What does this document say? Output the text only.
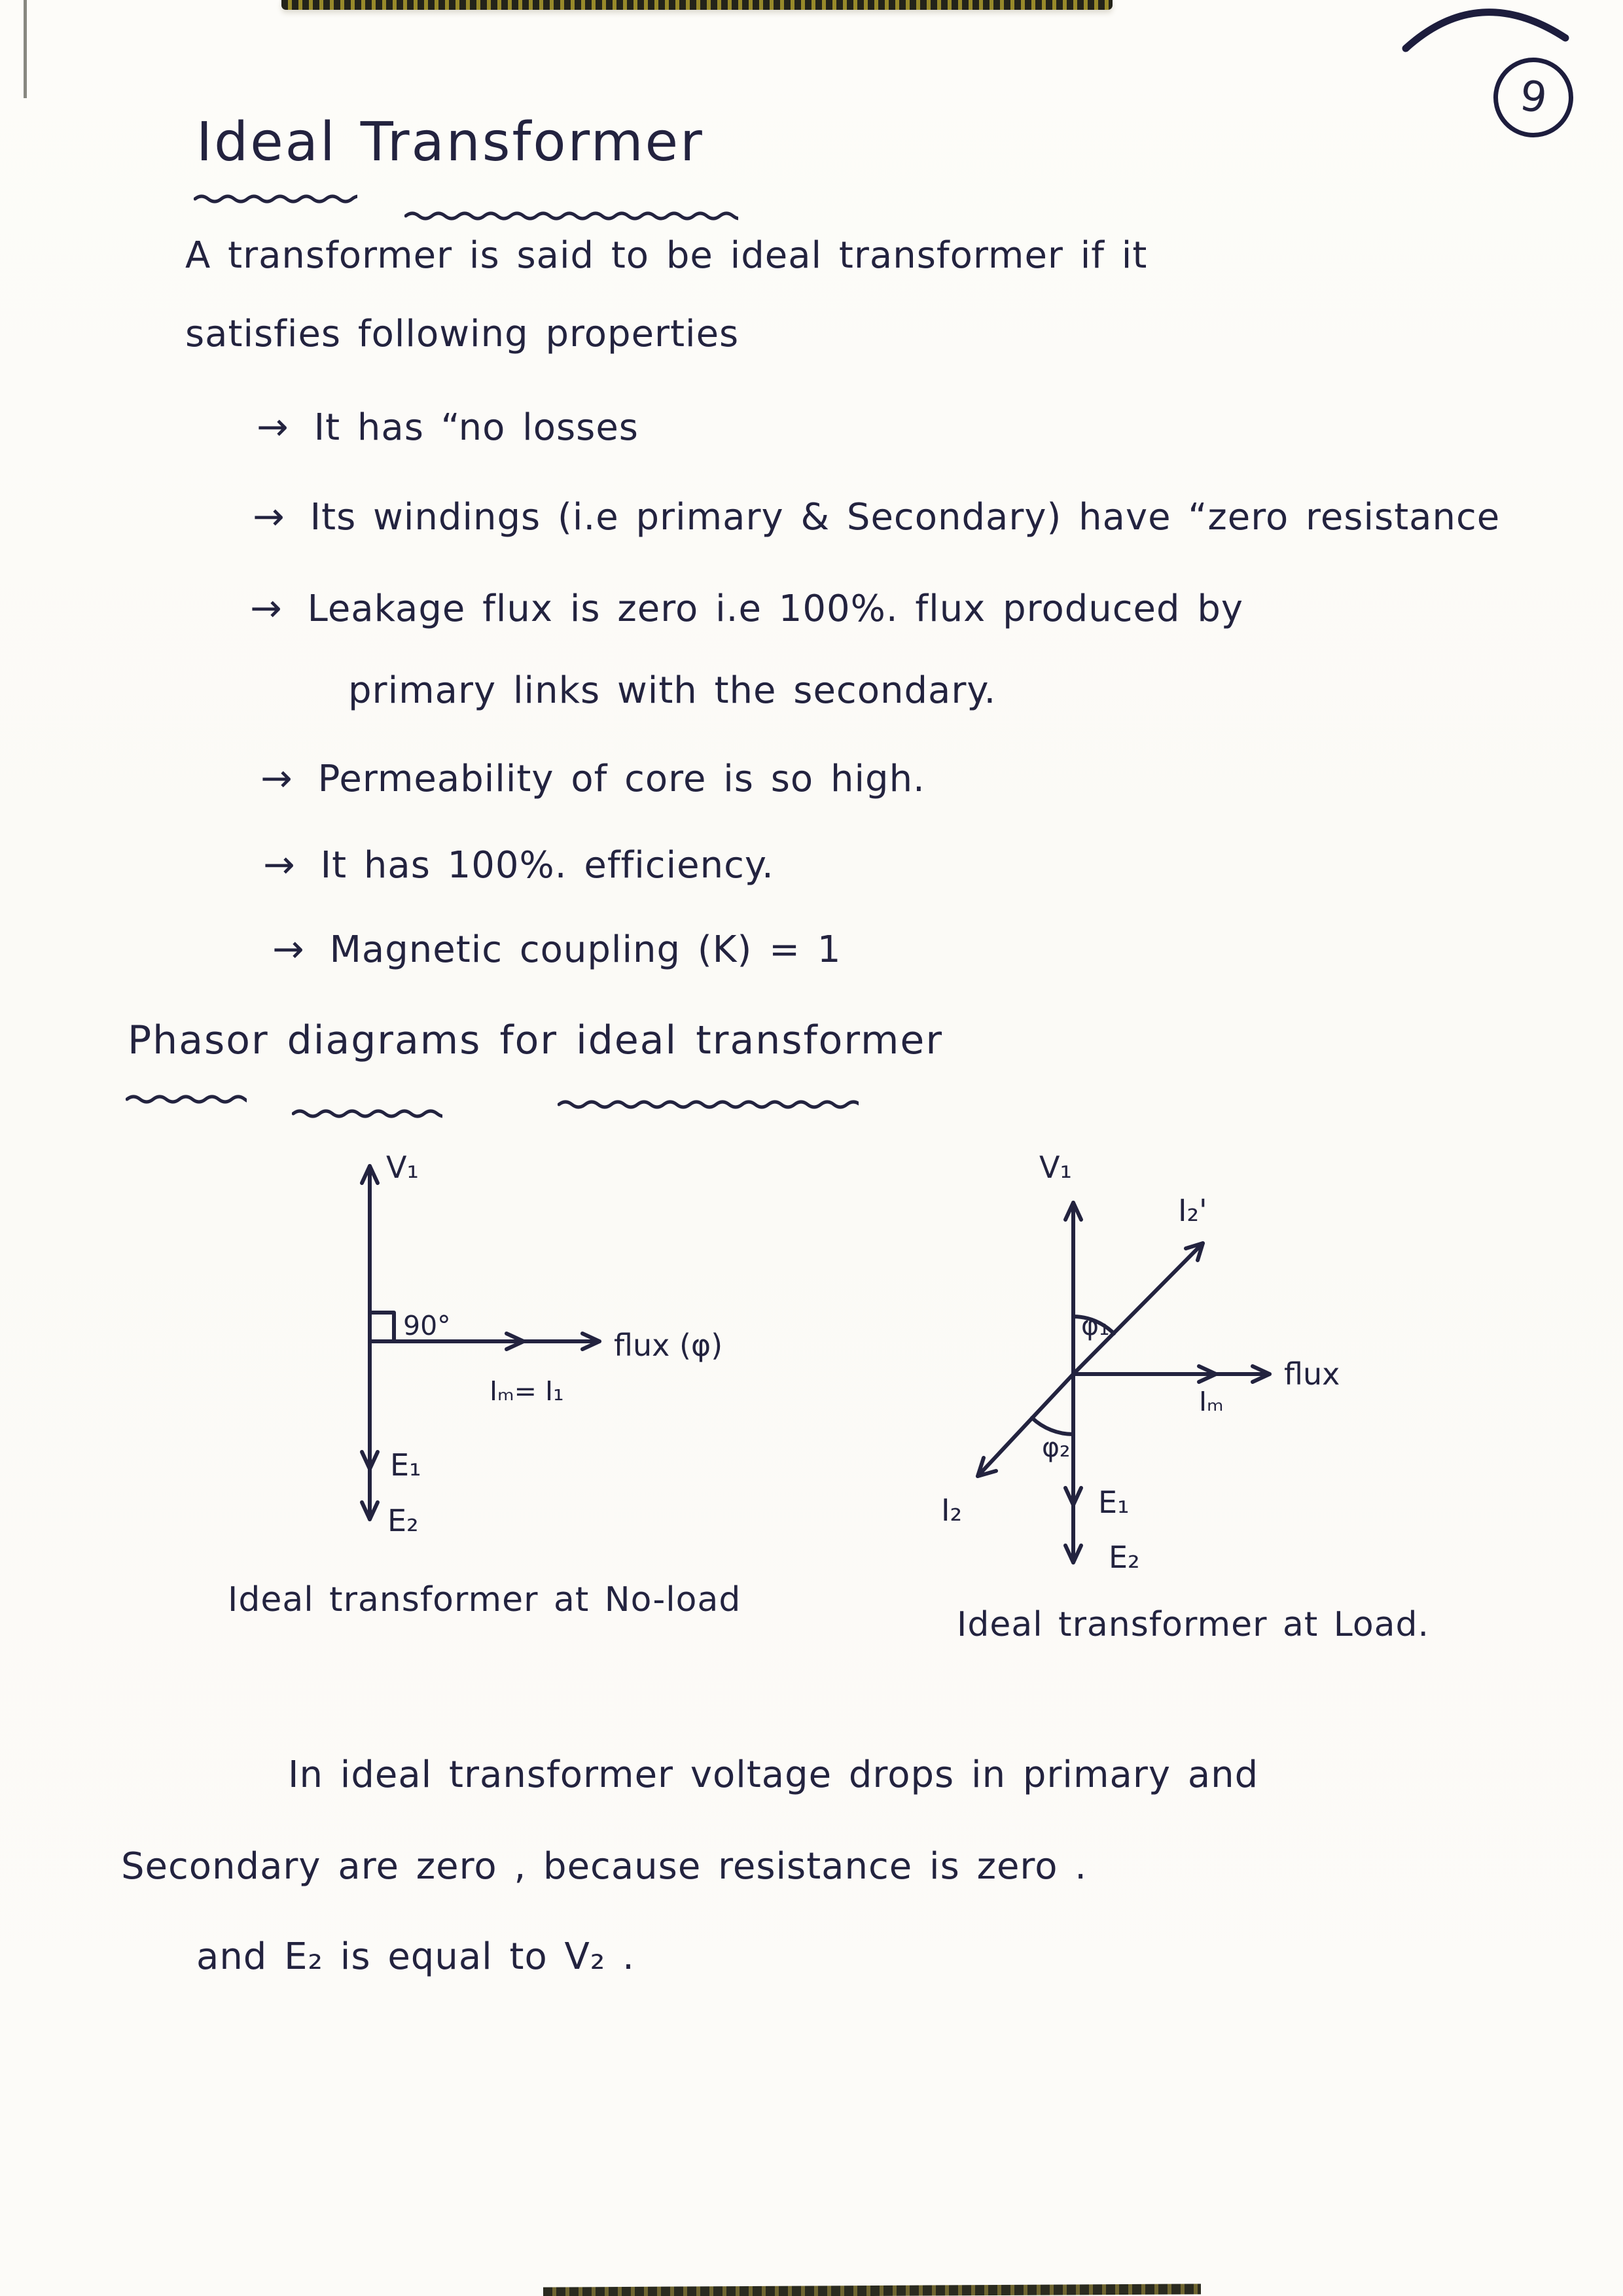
9
Ideal Transformer
A transformer is said to be ideal transformer if it
satisfies following properties
→ It has “no losses
→ Its windings (i.e primary & Secondary) have “zero resistance
→ Leakage flux is zero i.e 100%. flux produced by
primary links with the secondary.
→ Permeability of core is so high.
→ It has 100%. efficiency.
→ Magnetic coupling (K) = 1
Phasor diagrams for ideal transformer
V₁
90°
flux (φ)
Iₘ= I₁
E₁
E₂
Ideal transformer at No-load
V₁
I₂'
φ₁
flux
Iₘ
φ₂
I₂	E₁
E₂
Ideal transformer at Load.
In ideal transformer voltage drops in primary and
Secondary are zero , because resistance is zero .
and E₂ is equal to V₂ .
